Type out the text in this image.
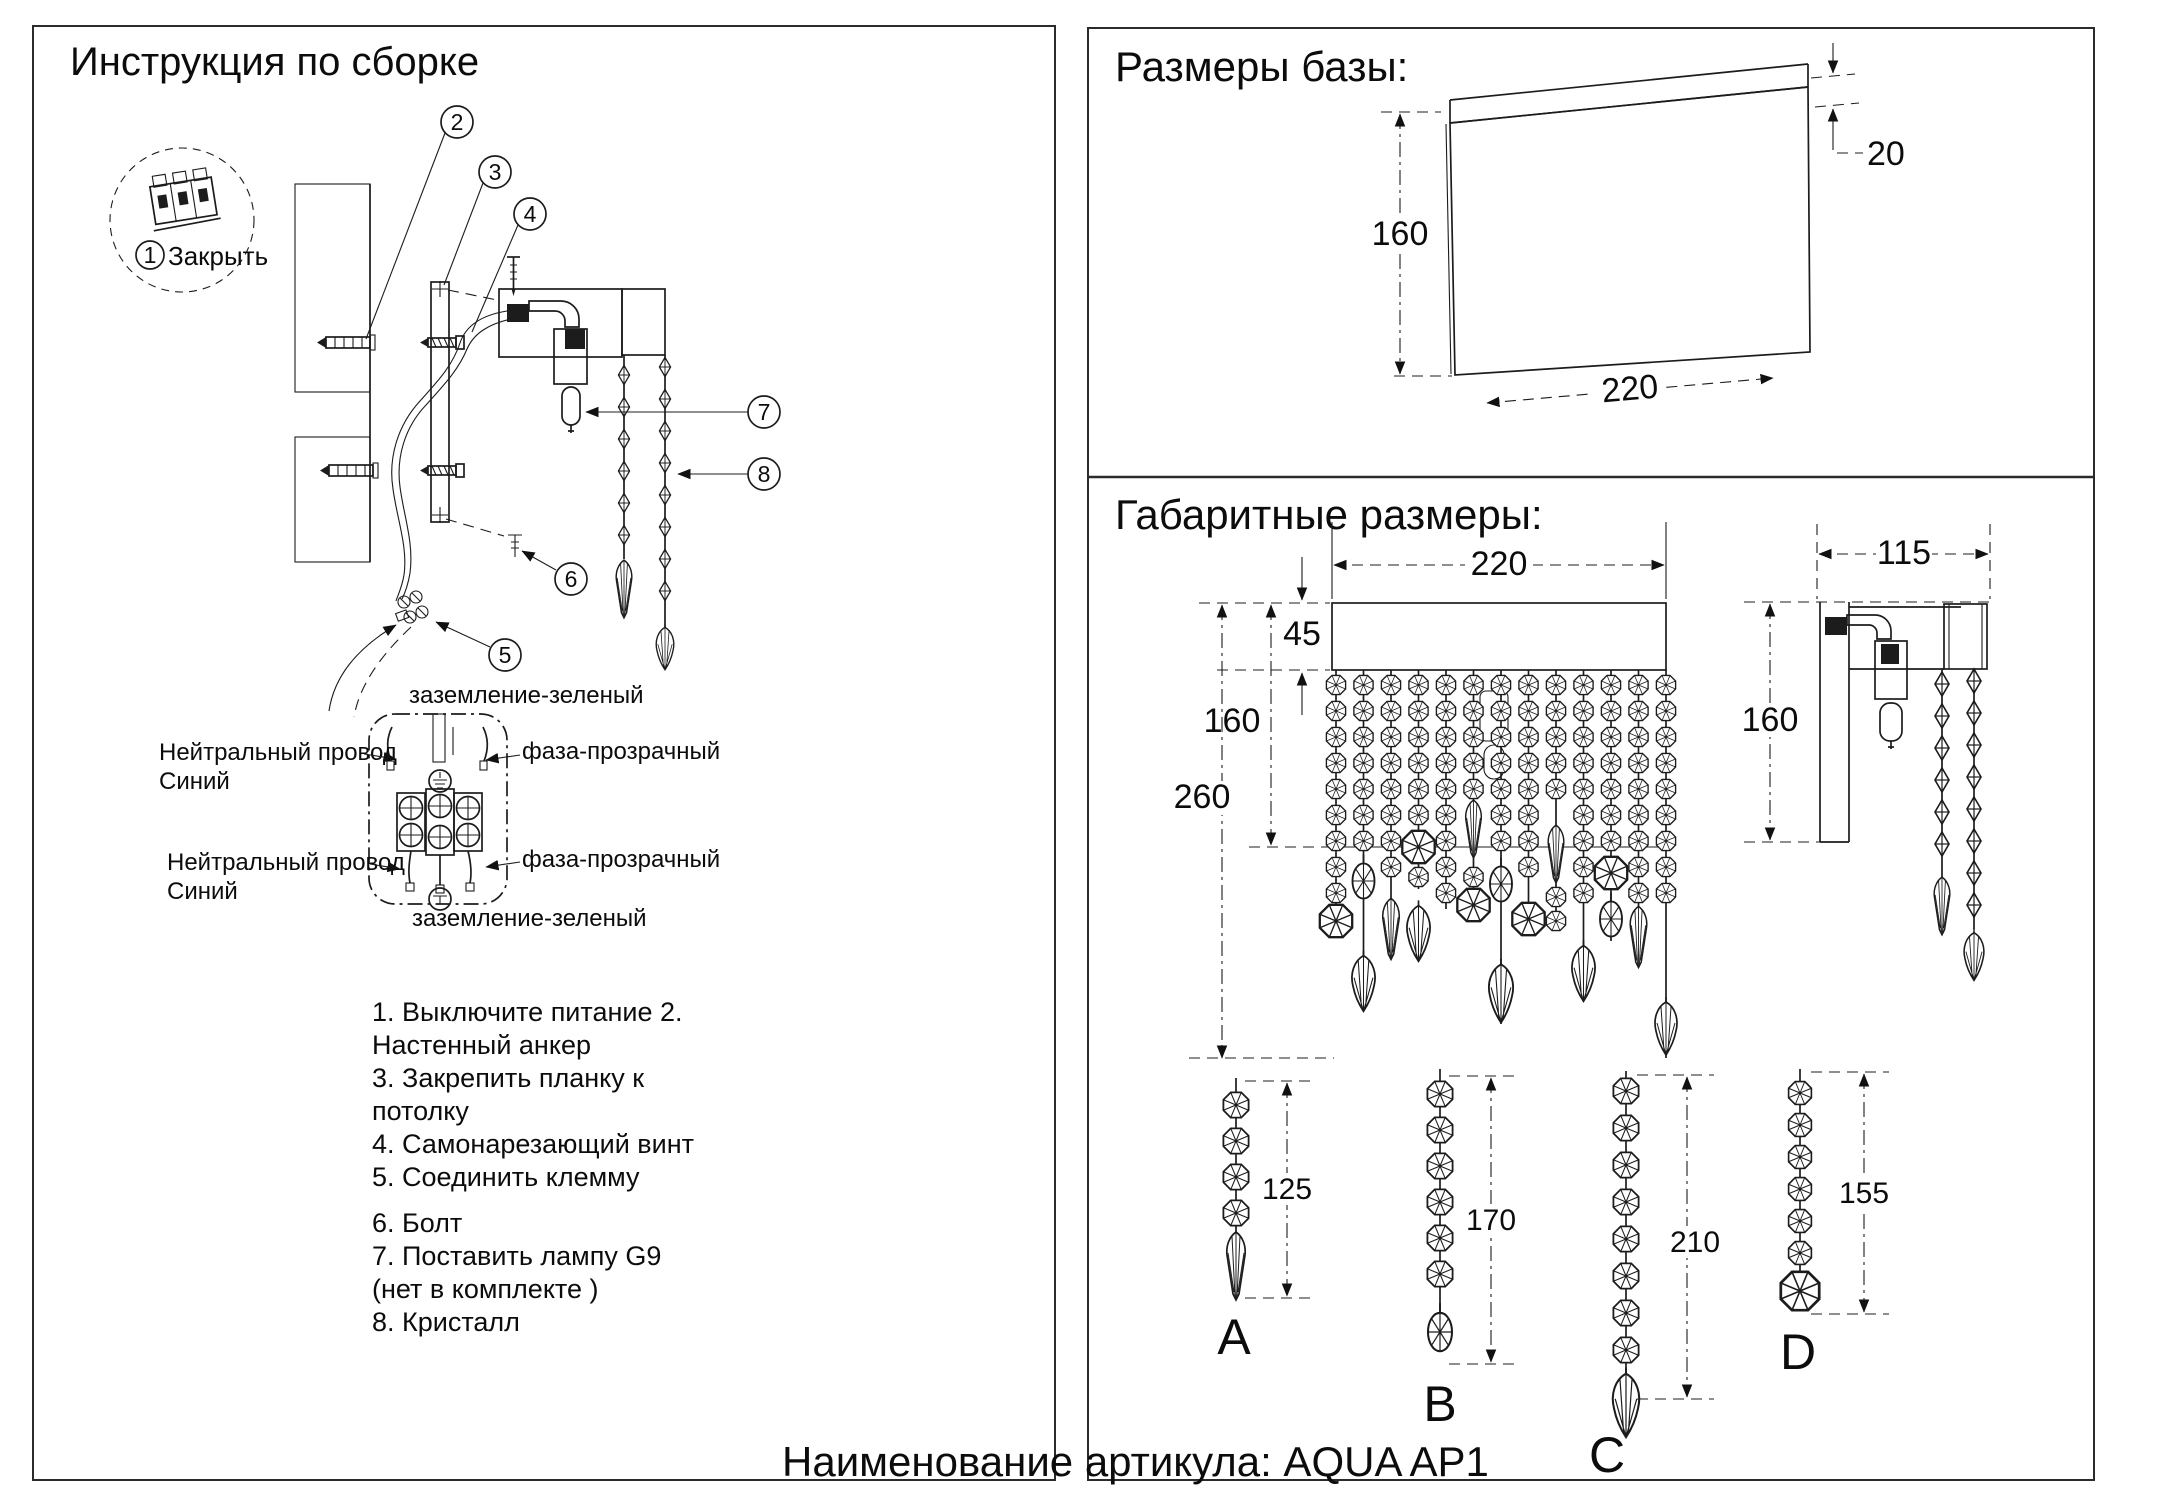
Инструкция по сборке
1 Закрыть
заземление-зеленый
Нейтральный провод
Синий
фаза-прозрачный
Нейтральный провод
Синий
фаза-прозрачный
заземление-зеленый
2
3
4
5
6
7
8
1. Выключите питание 2.
Настенный анкер
3. Закрепить планку к
потолку
4. Самонарезающий винт
5. Соединить клемму
6. Болт
7. Поставить лампу G9
(нет в комплекте )
8. Кристалл
Размеры базы:
Габаритные размеры:
160
20
220
220
45
160
260
115
160
125
A
170
B
210
C
155
D
Наименование артикула: AQUA AP1
